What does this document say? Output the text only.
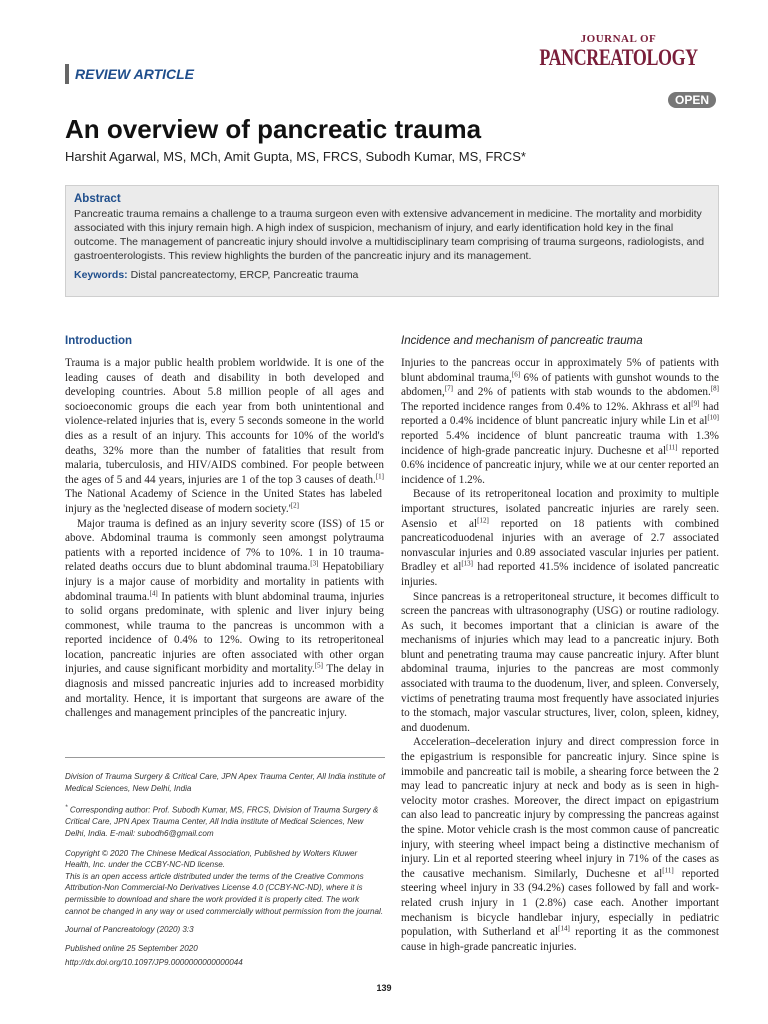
REVIEW ARTICLE
JOURNAL OF
PANCREATOLOGY
OPEN
An overview of pancreatic trauma
Harshit Agarwal, MS, MCh, Amit Gupta, MS, FRCS, Subodh Kumar, MS, FRCS*
Abstract
Pancreatic trauma remains a challenge to a trauma surgeon even with extensive advancement in medicine. The mortality and morbidity associated with this injury remain high. A high index of suspicion, mechanism of injury, and early identification hold key in the final outcome. The management of pancreatic injury should involve a multidisciplinary team comprising of trauma surgeons, radiologists, and gastroenterologists. This review highlights the burden of the pancreatic injury and its management.
Keywords: Distal pancreatectomy, ERCP, Pancreatic trauma
Introduction

Trauma is a major public health problem worldwide. It is one of the leading causes of death and disability in both developed and developing countries. About 5.8 million people of all ages and socioeconomic groups die each year from both unintentional and violence-related injuries that is, every 5 seconds someone in the world dies as a result of an injury. This accounts for 10% of the world's deaths, 32% more than the number of fatalities that result from malaria, tuberculosis, and HIV/AIDS combined. For people between the ages of 5 and 44 years, injuries are 1 of the top 3 causes of death.[1] The National Academy of Science in the United States has labeled injury as the 'neglected disease of modern society.'[2]

Major trauma is defined as an injury severity score (ISS) of 15 or above. Abdominal trauma is commonly seen amongst polytrauma patients with a reported incidence of 7% to 10%. 1 in 10 trauma-related deaths occurs due to blunt abdominal trauma.[3] Hepatobiliary injury is a major cause of morbidity and mortality in patients with abdominal trauma.[4] In patients with blunt abdominal trauma, injuries to solid organs predominate, with splenic and liver injury being commonest, while trauma to the pancreas is uncommon with a reported incidence of 0.4% to 12%. Owing to its retroperitoneal location, pancreatic injuries are often associated with other organ injuries, and cause significant morbidity and mortality.[5] The delay in diagnosis and missed pancreatic injuries add to increased morbidity and mortality. Hence, it is important that surgeons are aware of the challenges and management principles of the pancreatic injury.

Division of Trauma Surgery & Critical Care, JPN Apex Trauma Center, All India institute of Medical Sciences, New Delhi, India

* Corresponding author: Prof. Subodh Kumar, MS, FRCS, Division of Trauma Surgery & Critical Care, JPN Apex Trauma Center, All India institute of Medical Sciences, New Delhi, India. E-mail: subodh6@gmail.com

Copyright © 2020 The Chinese Medical Association, Published by Wolters Kluwer Health, Inc. under the CCBY-NC-ND license.

This is an open access article distributed under the terms of the Creative Commons Attribution-Non Commercial-No Derivatives License 4.0 (CCBY-NC-ND), where it is permissible to download and share the work provided it is properly cited. The work cannot be changed in any way or used commercially without permission from the journal.

Journal of Pancreatology (2020) 3:3

Published online 25 September 2020

http://dx.doi.org/10.1097/JP9.0000000000000044

Incidence and mechanism of pancreatic trauma

Injuries to the pancreas occur in approximately 5% of patients with blunt abdominal trauma,[6] 6% of patients with gunshot wounds to the abdomen,[7] and 2% of patients with stab wounds to the abdomen.[8] The reported incidence ranges from 0.4% to 12%. Akhrass et al[9] had reported a 0.4% incidence of blunt pancreatic injury while Lin et al[10] reported 5.4% incidence of blunt pancreatic trauma with 1.3% incidence of high-grade pancreatic injury. Duchesne et al[11] reported 0.6% incidence of pancreatic injury, while we at our center reported an incidence of 1.2%.

Because of its retroperitoneal location and proximity to multiple important structures, isolated pancreatic injuries are rarely seen. Asensio et al[12] reported on 18 patients with combined pancreaticoduodenal injuries with an average of 2.7 associated nonvascular injuries and 0.89 associated vascular injuries per patient. Bradley et al[13] had reported 41.5% incidence of isolated pancreatic injuries.

Since pancreas is a retroperitoneal structure, it becomes difficult to screen the pancreas with ultrasonography (USG) or routine radiology. As such, it becomes important that a clinician is aware of the mechanisms of injuries which may lead to a pancreatic injury. Both blunt and penetrating trauma may cause pancreatic injury. After blunt abdominal trauma, injuries to the pancreas are most commonly associated with trauma to the duodenum, liver, and spleen. Conversely, victims of penetrating trauma most frequently have associated injuries to the stomach, major vascular structures, liver, colon, spleen, kidney, and duodenum.

Acceleration–deceleration injury and direct compression force in the epigastrium is responsible for pancreatic injury. Since spine is immobile and pancreatic tail is mobile, a shearing force between the 2 may lead to pancreatic injury at neck and body as is seen in high-velocity motor crashes. Moreover, the direct impact on epigastrium can also lead to pancreatic injury by compressing the pancreas against the spine. Motor vehicle crash is the most common cause of pancreatic injury, with steering wheel impact being a distinctive mechanism of injury. Lin et al reported steering wheel injury in 71% of the cases as the causative mechanism. Similarly, Duchesne et al[11] reported steering wheel injury in 33 (94.2%) cases followed by fall and work-related crush injury in 1 (2.8%) case each. Another important mechanism is bicycle handlebar injury, especially in pediatric population, with Sutherland et al[14] reporting it as the commonest cause in high-grade pancreatic injuries.

139
